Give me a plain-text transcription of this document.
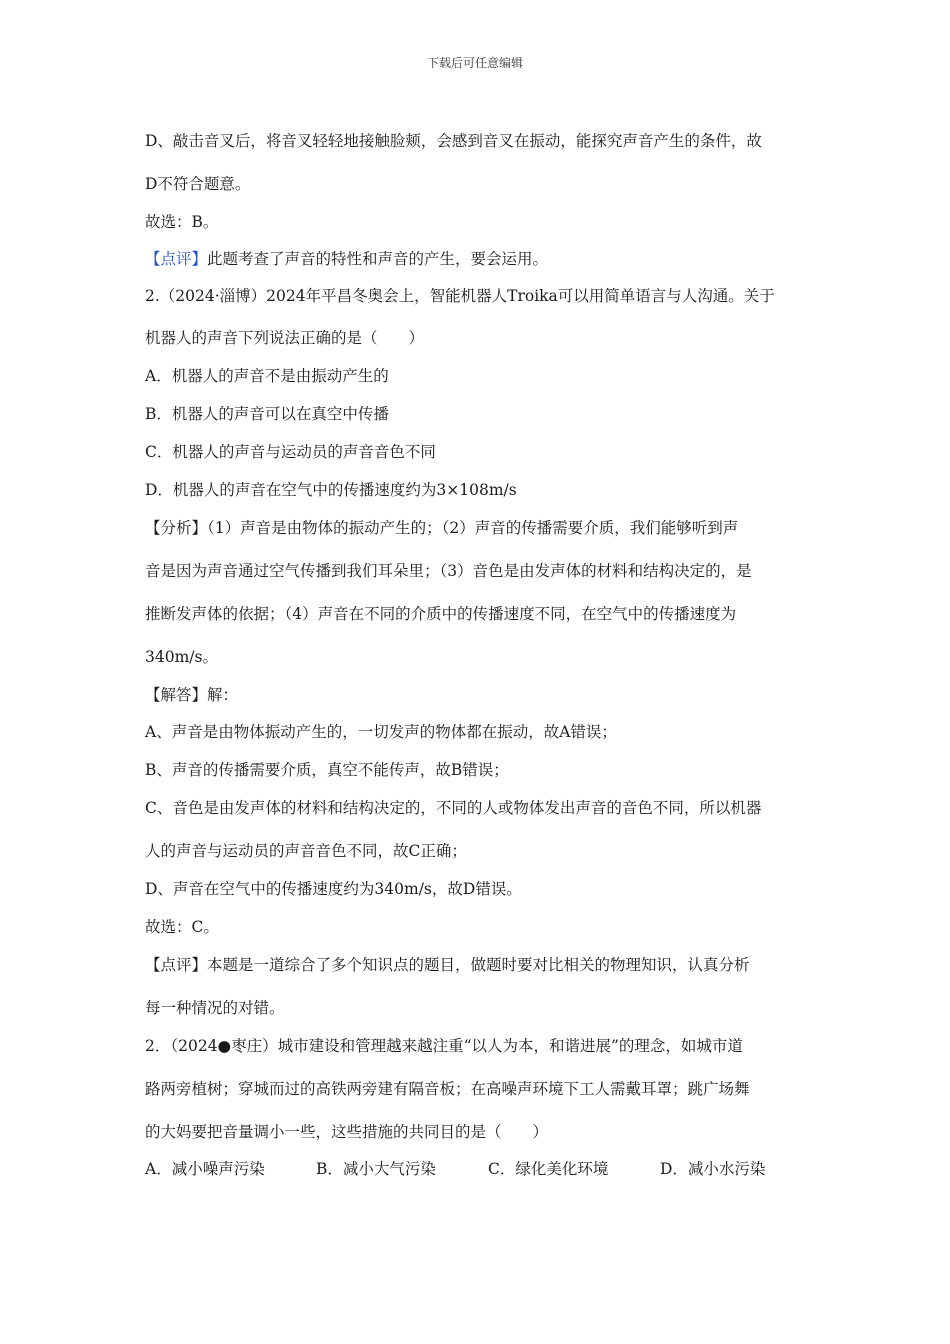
下载后可任意编辑
D、敲击音叉后，将音叉轻轻地接触脸颊，会感到音叉在振动，能探究声音产生的条件，故
D不符合题意。
故选：B。
【点评】此题考查了声音的特性和声音的产生，要会运用。
2.（2024·淄博）2024年平昌冬奥会上，智能机器人Troika可以用简单语言与人沟通。关于
机器人的声音下列说法正确的是（　　）
A．机器人的声音不是由振动产生的
B．机器人的声音可以在真空中传播
C．机器人的声音与运动员的声音音色不同
D．机器人的声音在空气中的传播速度约为3×108m/s
【分析】（1）声音是由物体的振动产生的；（2）声音的传播需要介质，我们能够听到声
音是因为声音通过空气传播到我们耳朵里；（3）音色是由发声体的材料和结构决定的，是
推断发声体的依据；（4）声音在不同的介质中的传播速度不同，在空气中的传播速度为
340m/s。
【解答】解：
A、声音是由物体振动产生的，一切发声的物体都在振动，故A错误；
B、声音的传播需要介质，真空不能传声，故B错误；
C、音色是由发声体的材料和结构决定的，不同的人或物体发出声音的音色不同，所以机器
人的声音与运动员的声音音色不同，故C正确；
D、声音在空气中的传播速度约为340m/s，故D错误。
故选：C。
【点评】本题是一道综合了多个知识点的题目，做题时要对比相关的物理知识，认真分析
每一种情况的对错。
2．（2024●枣庄）城市建设和管理越来越注重“以人为本，和谐进展”的理念，如城市道
路两旁植树；穿城而过的高铁两旁建有隔音板；在高噪声环境下工人需戴耳罩；跳广场舞
的大妈要把音量调小一些，这些措施的共同目的是（　　）
A．减小噪声污染	B．减小大气污染	C．绿化美化环境	D．减小水污染
